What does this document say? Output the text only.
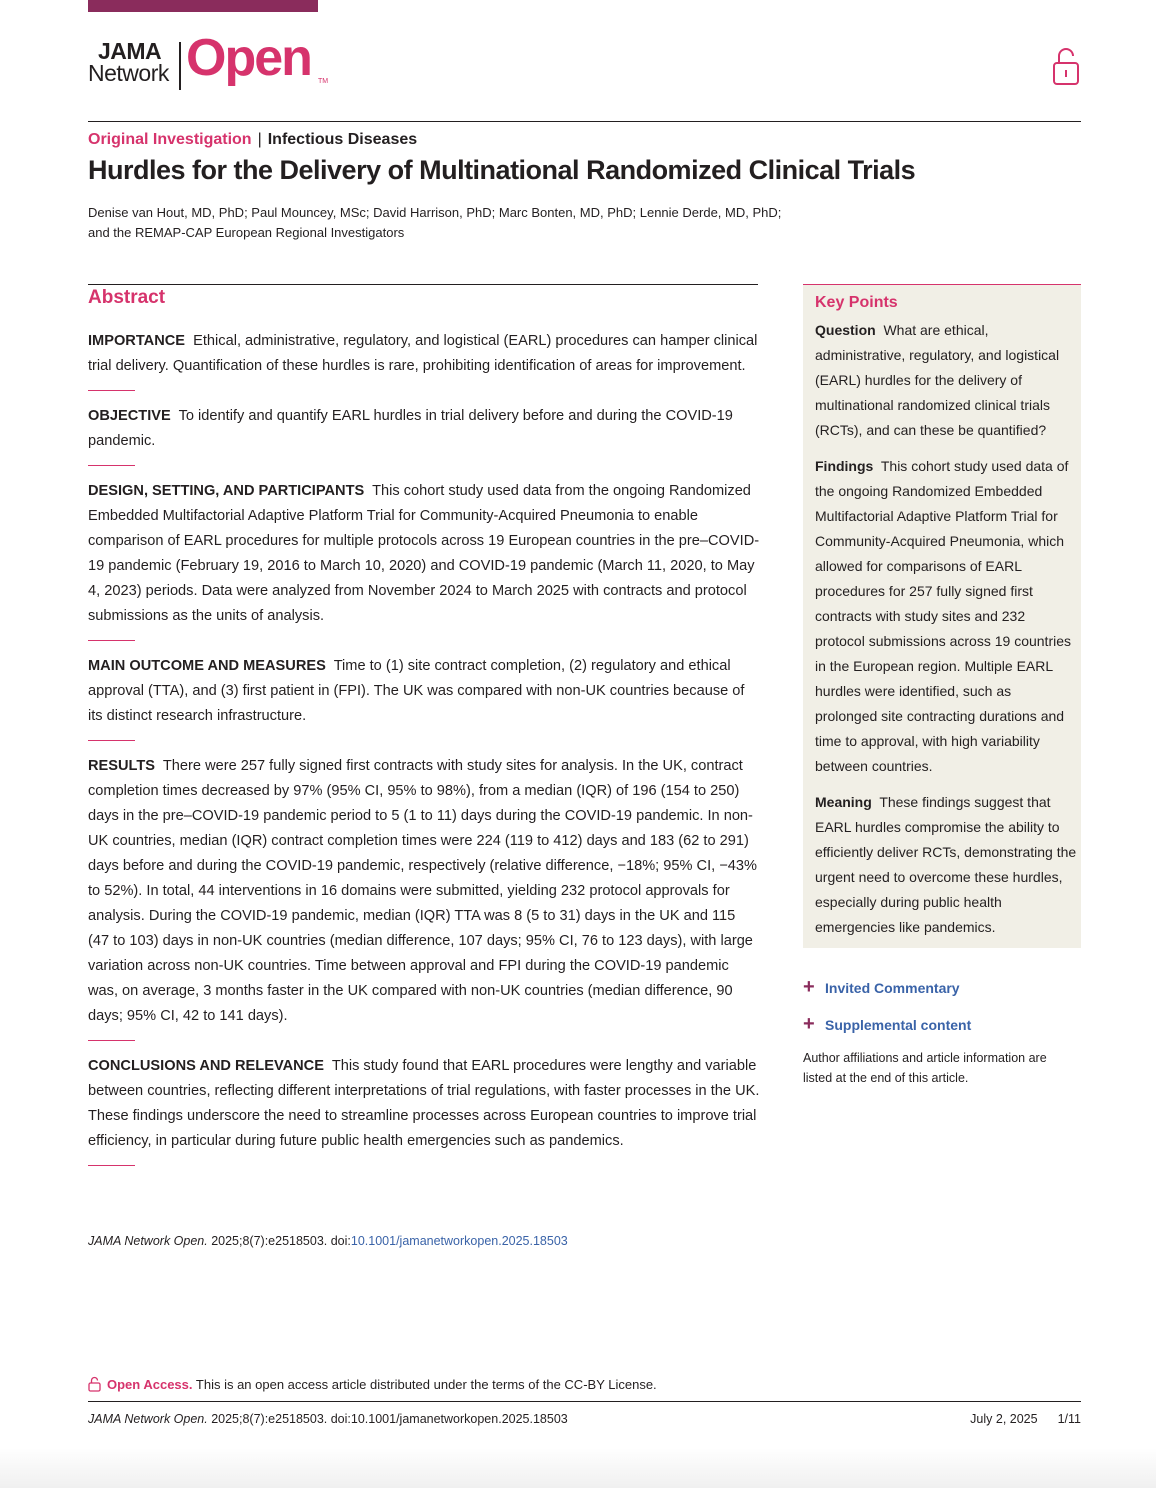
JAMA
Network Open TM
Original Investigation | Infectious Diseases
Hurdles for the Delivery of Multinational Randomized Clinical Trials
Denise van Hout, MD, PhD; Paul Mouncey, MSc; David Harrison, PhD; Marc Bonten, MD, PhD; Lennie Derde, MD, PhD;
and the REMAP-CAP European Regional Investigators
Abstract

IMPORTANCE Ethical, administrative, regulatory, and logistical (EARL) procedures can hamper clinical trial delivery. Quantification of these hurdles is rare, prohibiting identification of areas for improvement.

OBJECTIVE To identify and quantify EARL hurdles in trial delivery before and during the COVID-19 pandemic.

DESIGN, SETTING, AND PARTICIPANTS This cohort study used data from the ongoing Randomized Embedded Multifactorial Adaptive Platform Trial for Community-Acquired Pneumonia to enable comparison of EARL procedures for multiple protocols across 19 European countries in the pre–COVID-19 pandemic (February 19, 2016 to March 10, 2020) and COVID-19 pandemic (March 11, 2020, to May 4, 2023) periods. Data were analyzed from November 2024 to March 2025 with contracts and protocol submissions as the units of analysis.

MAIN OUTCOME AND MEASURES Time to (1) site contract completion, (2) regulatory and ethical approval (TTA), and (3) first patient in (FPI). The UK was compared with non-UK countries because of its distinct research infrastructure.

RESULTS There were 257 fully signed first contracts with study sites for analysis. In the UK, contract completion times decreased by 97% (95% CI, 95% to 98%), from a median (IQR) of 196 (154 to 250) days in the pre–COVID-19 pandemic period to 5 (1 to 11) days during the COVID-19 pandemic. In non-UK countries, median (IQR) contract completion times were 224 (119 to 412) days and 183 (62 to 291) days before and during the COVID-19 pandemic, respectively (relative difference, −18%; 95% CI, −43% to 52%). In total, 44 interventions in 16 domains were submitted, yielding 232 protocol approvals for analysis. During the COVID-19 pandemic, median (IQR) TTA was 8 (5 to 31) days in the UK and 115 (47 to 103) days in non-UK countries (median difference, 107 days; 95% CI, 76 to 123 days), with large variation across non-UK countries. Time between approval and FPI during the COVID-19 pandemic was, on average, 3 months faster in the UK compared with non-UK countries (median difference, 90 days; 95% CI, 42 to 141 days).

CONCLUSIONS AND RELEVANCE This study found that EARL procedures were lengthy and variable between countries, reflecting different interpretations of trial regulations, with faster processes in the UK. These findings underscore the need to streamline processes across European countries to improve trial efficiency, in particular during future public health emergencies such as pandemics.

JAMA Network Open. 2025;8(7):e2518503. doi:10.1001/jamanetworkopen.2025.18503
Key Points

Question What are ethical, administrative, regulatory, and logistical (EARL) hurdles for the delivery of multinational randomized clinical trials (RCTs), and can these be quantified?

Findings This cohort study used data of the ongoing Randomized Embedded Multifactorial Adaptive Platform Trial for Community-Acquired Pneumonia, which allowed for comparisons of EARL procedures for 257 fully signed first contracts with study sites and 232 protocol submissions across 19 countries in the European region. Multiple EARL hurdles were identified, such as prolonged site contracting durations and time to approval, with high variability between countries.

Meaning These findings suggest that EARL hurdles compromise the ability to efficiently deliver RCTs, demonstrating the urgent need to overcome these hurdles, especially during public health emergencies like pandemics.

+ Invited Commentary
+ Supplemental content
Author affiliations and article information are listed at the end of this article.
Open Access. This is an open access article distributed under the terms of the CC-BY License.
JAMA Network Open. 2025;8(7):e2518503. doi:10.1001/jamanetworkopen.2025.18503	July 2, 2025 1/11
